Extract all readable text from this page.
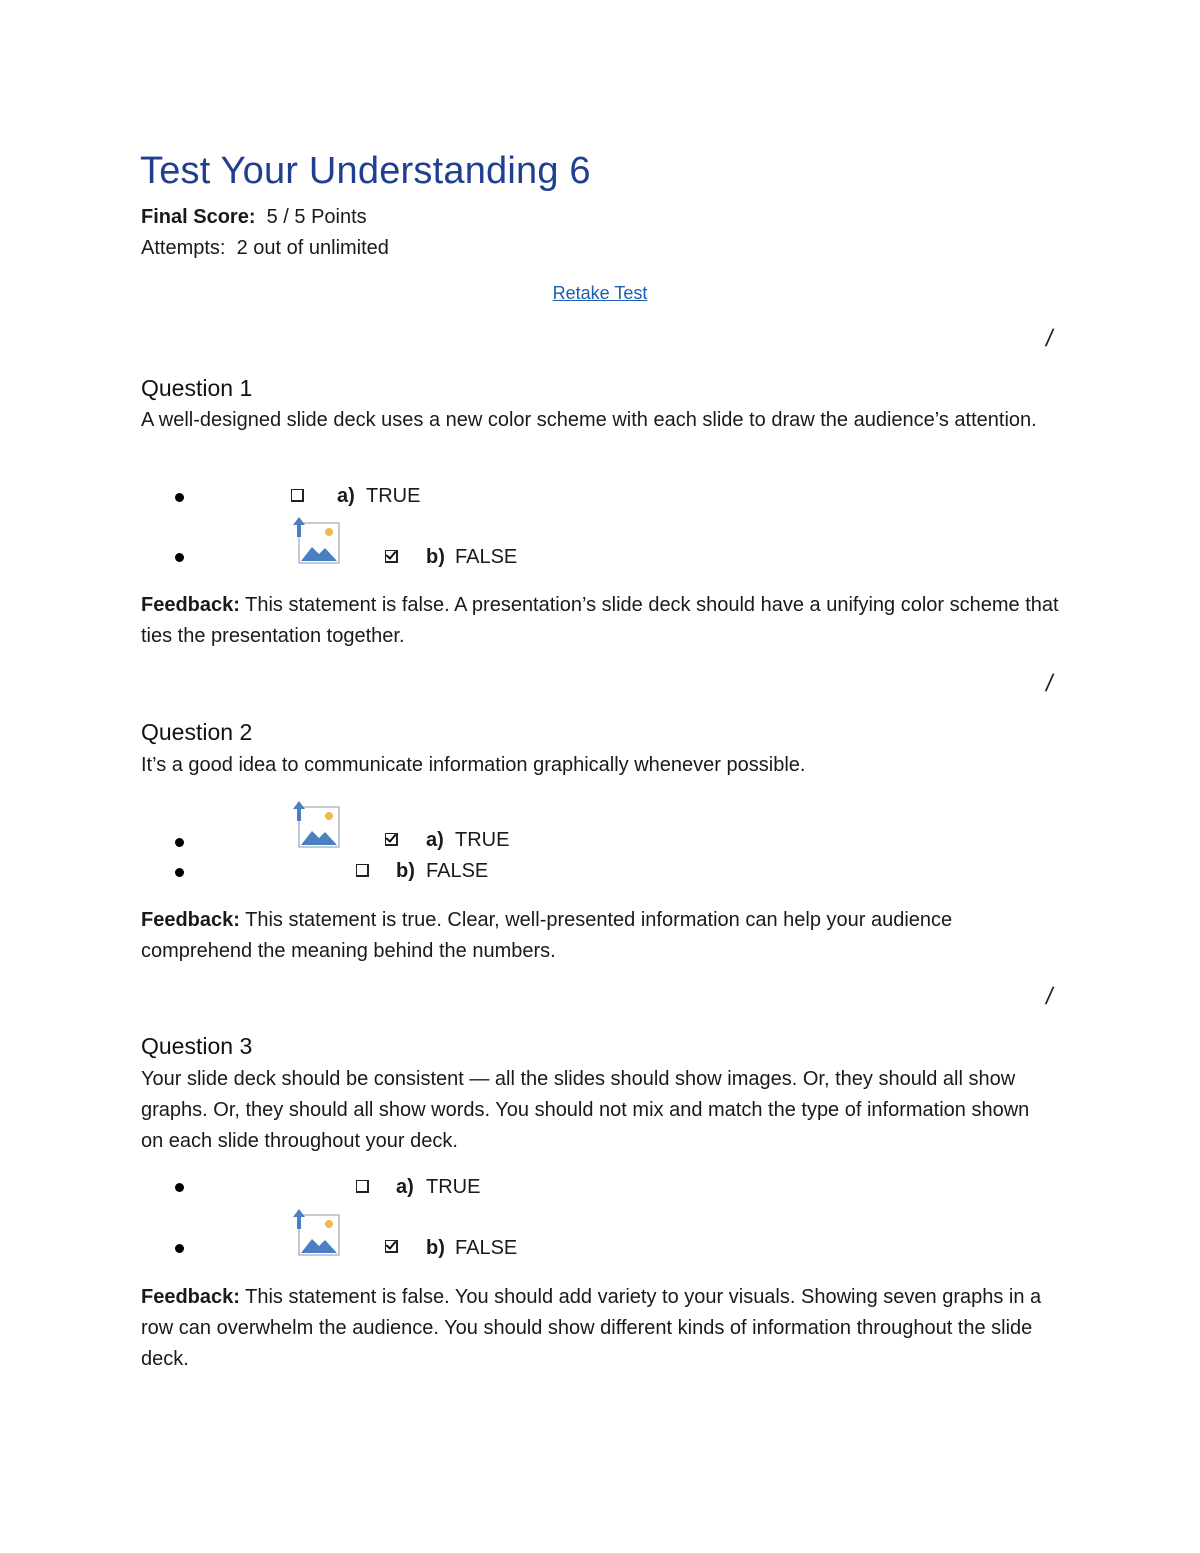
Test Your Understanding 6
Final Score: 5 / 5 Points
Attempts: 2 out of unlimited
Retake Test
/
Question 1
A well-designed slide deck uses a new color scheme with each slide to draw the audience’s attention.
a) TRUE
b) FALSE
Feedback: This statement is false. A presentation’s slide deck should have a unifying color scheme that ties the presentation together.
/
Question 2
It’s a good idea to communicate information graphically whenever possible.
a) TRUE
b) FALSE
Feedback: This statement is true. Clear, well-presented information can help your audience comprehend the meaning behind the numbers.
/
Question 3
Your slide deck should be consistent — all the slides should show images. Or, they should all show graphs. Or, they should all show words. You should not mix and match the type of information shown on each slide throughout your deck.
a) TRUE
b) FALSE
Feedback: This statement is false. You should add variety to your visuals. Showing seven graphs in a row can overwhelm the audience. You should show different kinds of information throughout the slide deck.
